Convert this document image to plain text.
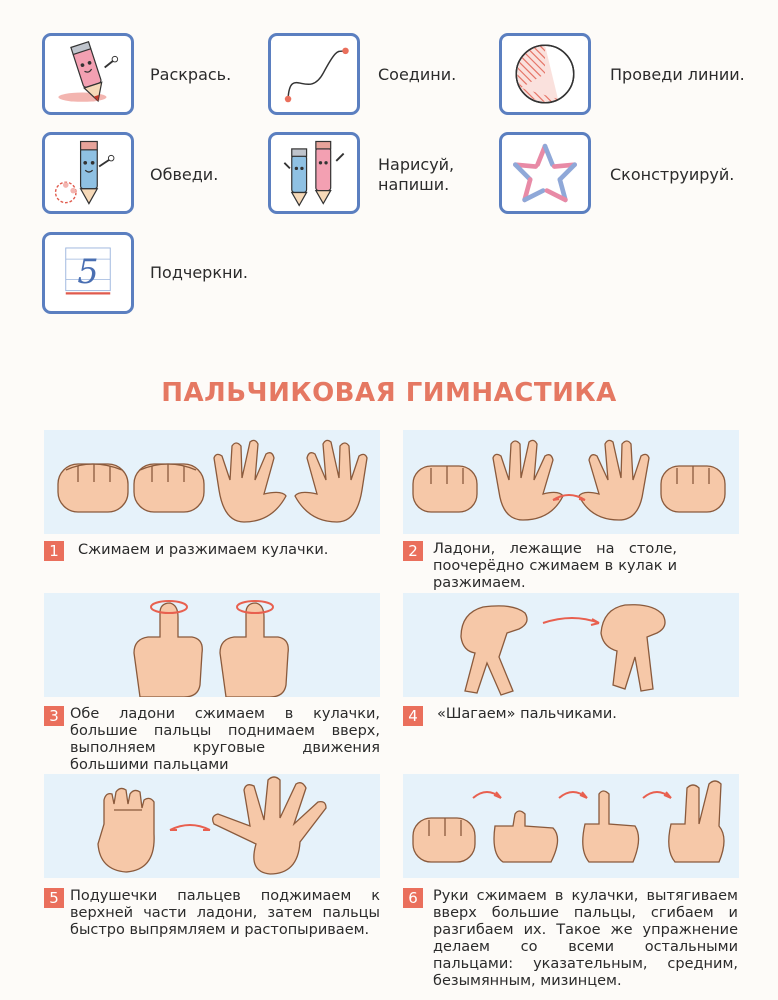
Раскрась.	Соедини.	Проведи линии.
Обведи.
Нарисуй,
напиши.
Сконструируй.
5	Подчеркни.
ПАЛЬЧИКОВАЯ ГИМНАСТИКА
1	Сжимаем и разжимаем кулачки.	2	Ладони, лежащие на столе, поочерёдно сжимаем в кулак и разжимаем.
3 Обе ладони сжимаем в кулачки, большие пальцы поднимаем вверх, выполняем круговые движения большими пальцами
4	«Шагаем» пальчиками.
5 Подушечки пальцев поджимаем к верхней части ладони, затем пальцы быстро выпрямляем и растопыриваем.
6	Руки сжимаем в кулачки, вытягиваем вверх большие пальцы, сгибаем и разгибаем их. Такое же упражнение делаем со всеми остальными пальцами: указательным, средним, безымянным, мизинцем.
